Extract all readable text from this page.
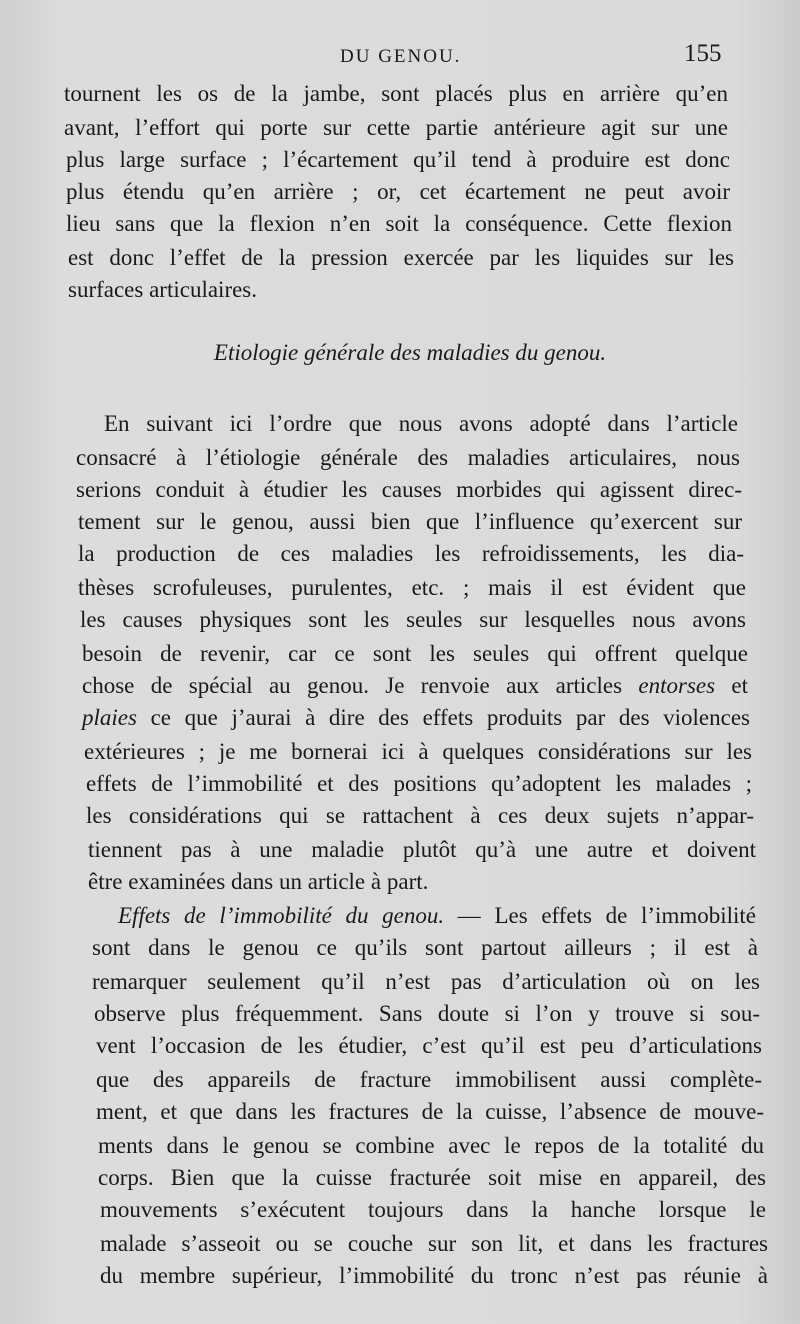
DU GENOU.	155
tournent les os de la jambe, sont placés plus en arrière qu’en
avant, l’effort qui porte sur cette partie antérieure agit sur une
plus large surface ; l’écartement qu’il tend à produire est donc
plus étendu qu’en arrière ; or, cet écartement ne peut avoir
lieu sans que la flexion n’en soit la conséquence. Cette flexion
est donc l’effet de la pression exercée par les liquides sur les
surfaces articulaires.
Etiologie générale des maladies du genou.
En suivant ici l’ordre que nous avons adopté dans l’article
consacré à l’étiologie générale des maladies articulaires, nous
serions conduit à étudier les causes morbides qui agissent direc-
tement sur le genou, aussi bien que l’influence qu’exercent sur
la production de ces maladies les refroidissements, les dia-
thèses scrofuleuses, purulentes, etc. ; mais il est évident que
les causes physiques sont les seules sur lesquelles nous avons
besoin de revenir, car ce sont les seules qui offrent quelque
chose de spécial au genou. Je renvoie aux articles entorses et
plaies ce que j’aurai à dire des effets produits par des violences
extérieures ; je me bornerai ici à quelques considérations sur les
effets de l’immobilité et des positions qu’adoptent les malades ;
les considérations qui se rattachent à ces deux sujets n’appar-
tiennent pas à une maladie plutôt qu’à une autre et doivent
être examinées dans un article à part.
Effets de l’immobilité du genou. — Les effets de l’immobilité
sont dans le genou ce qu’ils sont partout ailleurs ; il est à
remarquer seulement qu’il n’est pas d’articulation où on les
observe plus fréquemment. Sans doute si l’on y trouve si sou-
vent l’occasion de les étudier, c’est qu’il est peu d’articulations
que des appareils de fracture immobilisent aussi complète-
ment, et que dans les fractures de la cuisse, l’absence de mouve-
ments dans le genou se combine avec le repos de la totalité du
corps. Bien que la cuisse fracturée soit mise en appareil, des
mouvements s’exécutent toujours dans la hanche lorsque le
malade s’asseoit ou se couche sur son lit, et dans les fractures
du membre supérieur, l’immobilité du tronc n’est pas réunie à
